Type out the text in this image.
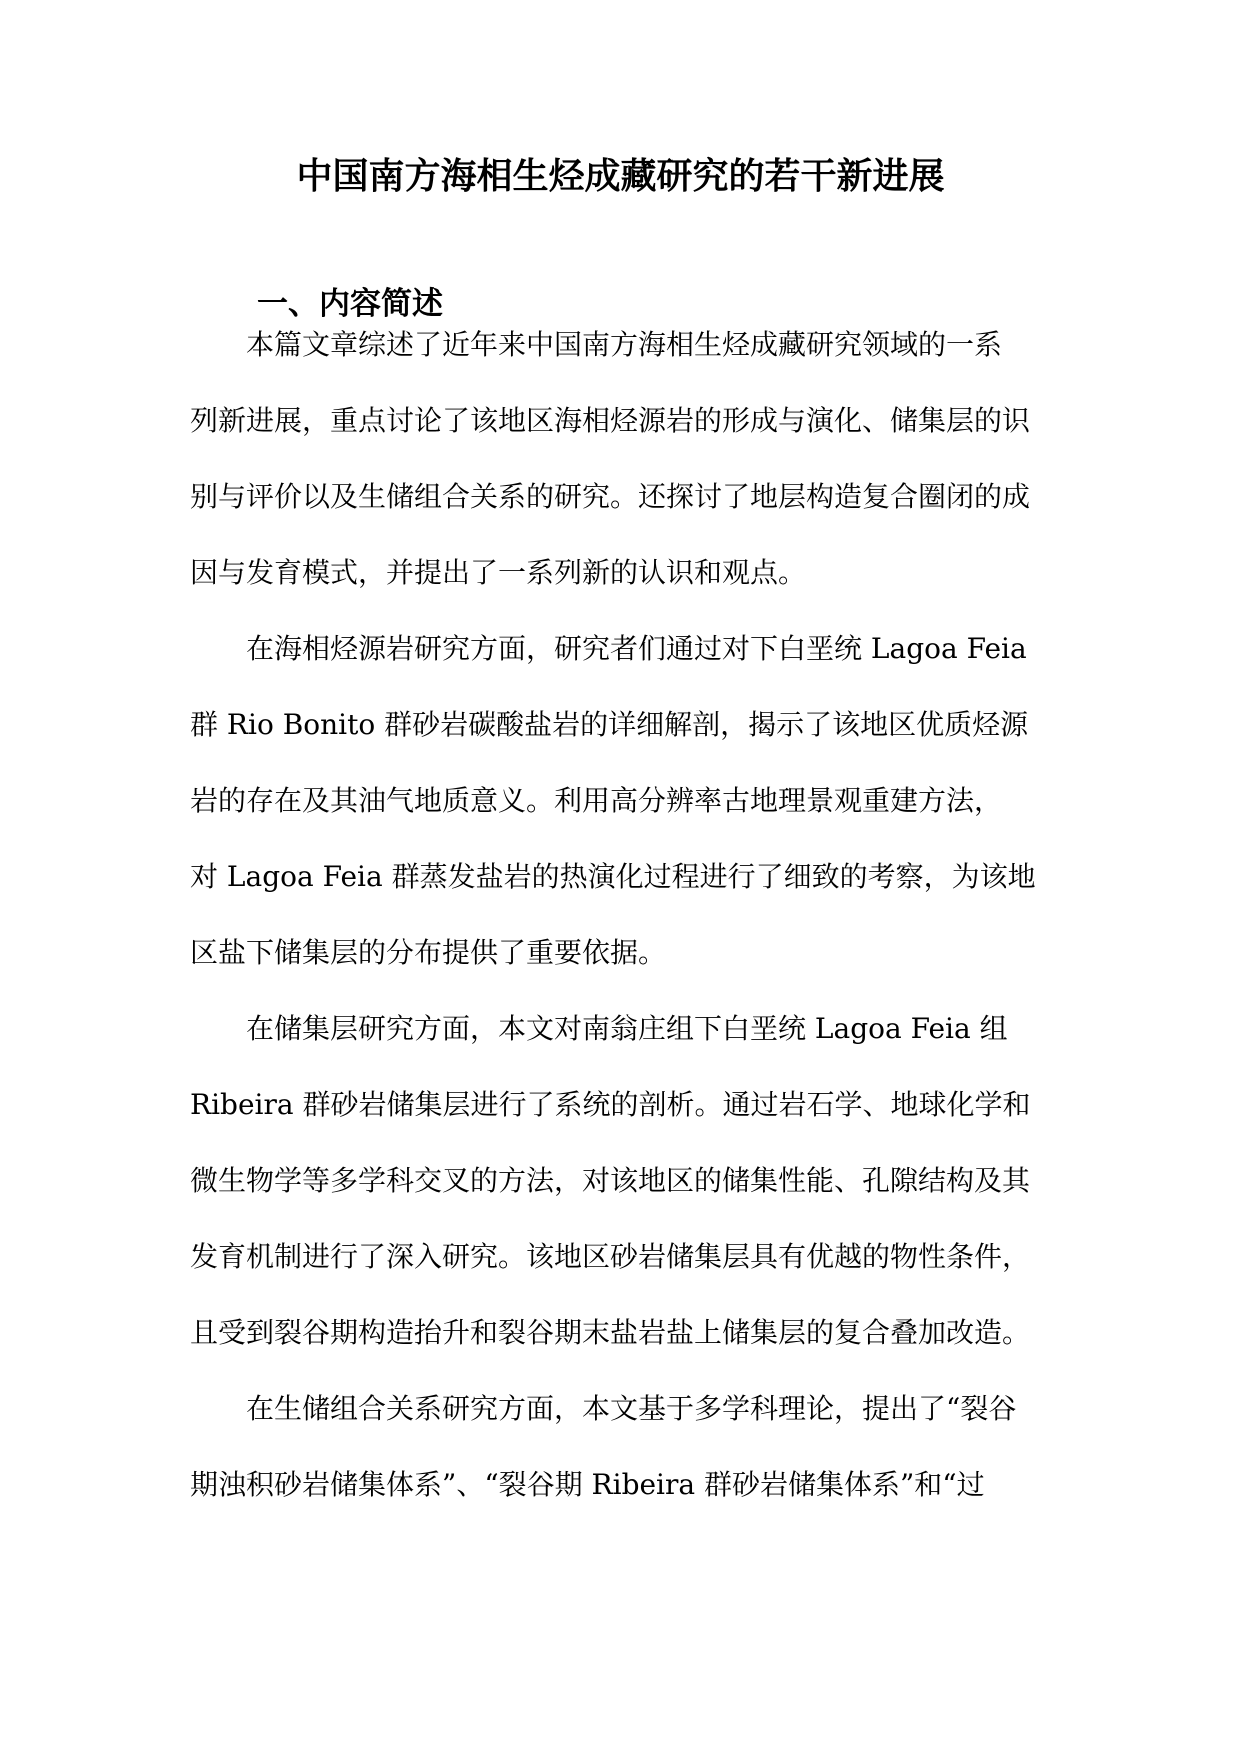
中国南方海相生烃成藏研究的若干新进展
一、内容简述
本篇文章综述了近年来中国南方海相生烃成藏研究领域的一系
列新进展，重点讨论了该地区海相烃源岩的形成与演化、储集层的识
别与评价以及生储组合关系的研究。还探讨了地层构造复合圈闭的成
因与发育模式，并提出了一系列新的认识和观点。
在海相烃源岩研究方面，研究者们通过对下白垩统 Lagoa Feia
群 Rio Bonito 群砂岩碳酸盐岩的详细解剖，揭示了该地区优质烃源
岩的存在及其油气地质意义。利用高分辨率古地理景观重建方法，
对 Lagoa Feia 群蒸发盐岩的热演化过程进行了细致的考察，为该地
区盐下储集层的分布提供了重要依据。
在储集层研究方面，本文对南翁庄组下白垩统 Lagoa Feia 组
Ribeira 群砂岩储集层进行了系统的剖析。通过岩石学、地球化学和
微生物学等多学科交叉的方法，对该地区的储集性能、孔隙结构及其
发育机制进行了深入研究。该地区砂岩储集层具有优越的物性条件，
且受到裂谷期构造抬升和裂谷期末盐岩盐上储集层的复合叠加改造。
在生储组合关系研究方面，本文基于多学科理论，提出了“裂谷
期浊积砂岩储集体系”、“裂谷期 Ribeira 群砂岩储集体系”和“过
